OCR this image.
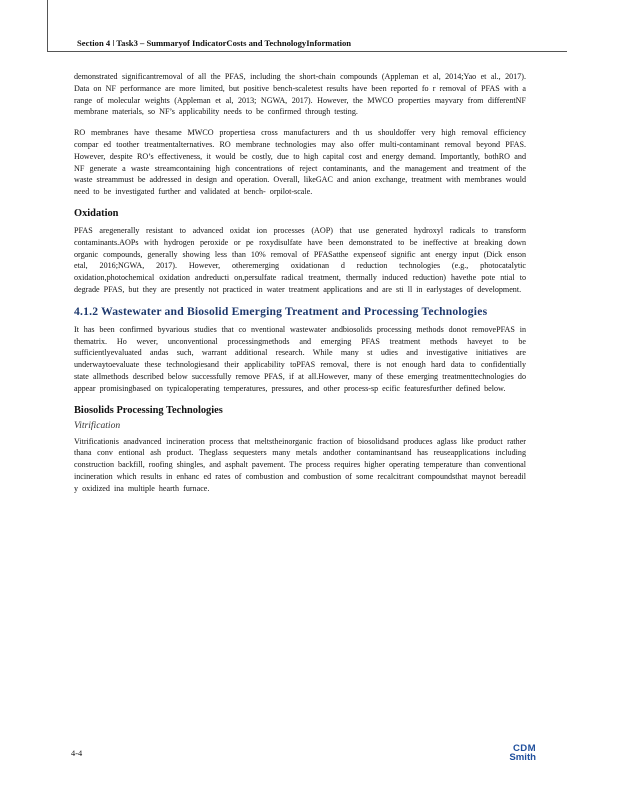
Section 4 ǀ Task3 – Summaryof IndicatorCosts and TechnologyInformation

demonstrated significantremoval of all the PFAS, including the short-chain compounds (Appleman et al, 2014;Yao et al., 2017). Data on NF performance are more limited, but positive bench-scaletest results have been reported fo r removal of PFAS with a range of molecular weights (Appleman et al, 2013; NGWA, 2017). However, the MWCO properties mayvary from differentNF membrane materials, so NF’s applicability needs to be confirmed through testing.

RO membranes have thesame MWCO propertiesa cross manufacturers and th us shouldoffer very high removal efficiency compar ed toother treatmentalternatives. RO membrane technologies may also offer multi-contaminant removal beyond PFAS. However, despite RO’s effectiveness, it would be costly, due to high capital cost and energy demand. Importantly, bothRO and NF generate a waste streamcontaining high concentrations of reject contaminants, and the management and treatment of the waste streammust be addressed in design and operation. Overall, likeGAC and anion exchange, treatment with membranes would need to be investigated further and validated at bench- orpilot-scale.

Oxidation

PFAS aregenerally resistant to advanced oxidat ion processes (AOP) that use generated hydroxyl radicals to transform contaminants.AOPs with hydrogen peroxide or pe roxydisulfate have been demonstrated to be ineffective at breaking down organic compounds, generally showing less than 10% removal of PFASatthe expenseof signific ant energy input (Dick enson etal, 2016;NGWA, 2017). However, otheremerging oxidationan d reduction technologies (e.g., photocatalytic oxidation,photochemical oxidation andreducti on,persulfate radical treatment, thermally induced reduction) havethe pote ntial to degrade PFAS, but they are presently not practiced in water treatment applications and are sti ll in earlystages of development.

4.1.2 Wastewater and Biosolid Emerging Treatment and Processing Technologies

It has been confirmed byvarious studies that co nventional wastewater andbiosolids processing methods donot removePFAS in thematrix. Ho wever, unconventional processingmethods and emerging PFAS treatment methods haveyet to be sufficientlyevaluated andas such, warrant additional research. While many st udies and investigative initiatives are underwaytoevaluate these technologiesand their applicability toPFAS removal, there is not enough hard data to confidentially state allmethods described below successfully remove PFAS, if at all.However, many of these emerging treatmenttechnologies do appear promisingbased on typicaloperating temperatures, pressures, and other process-sp ecific featuresfurther defined below.

Biosolids Processing Technologies
Vitrification

Vitrificationis anadvanced incineration process that meltstheinorganic fraction of biosolidsand produces aglass like product rather thana conv entional ash product. Theglass sequesters many metals andother contaminantsand has reuseapplications including construction backfill, roofing shingles, and asphalt pavement. The process requires higher operating temperature than conventional incineration which results in enhanc ed rates of combustion and combustion of some recalcitrant compoundsthat maynot bereadil y oxidized ina multiple hearth furnace.

4-4	CDM
Smith
